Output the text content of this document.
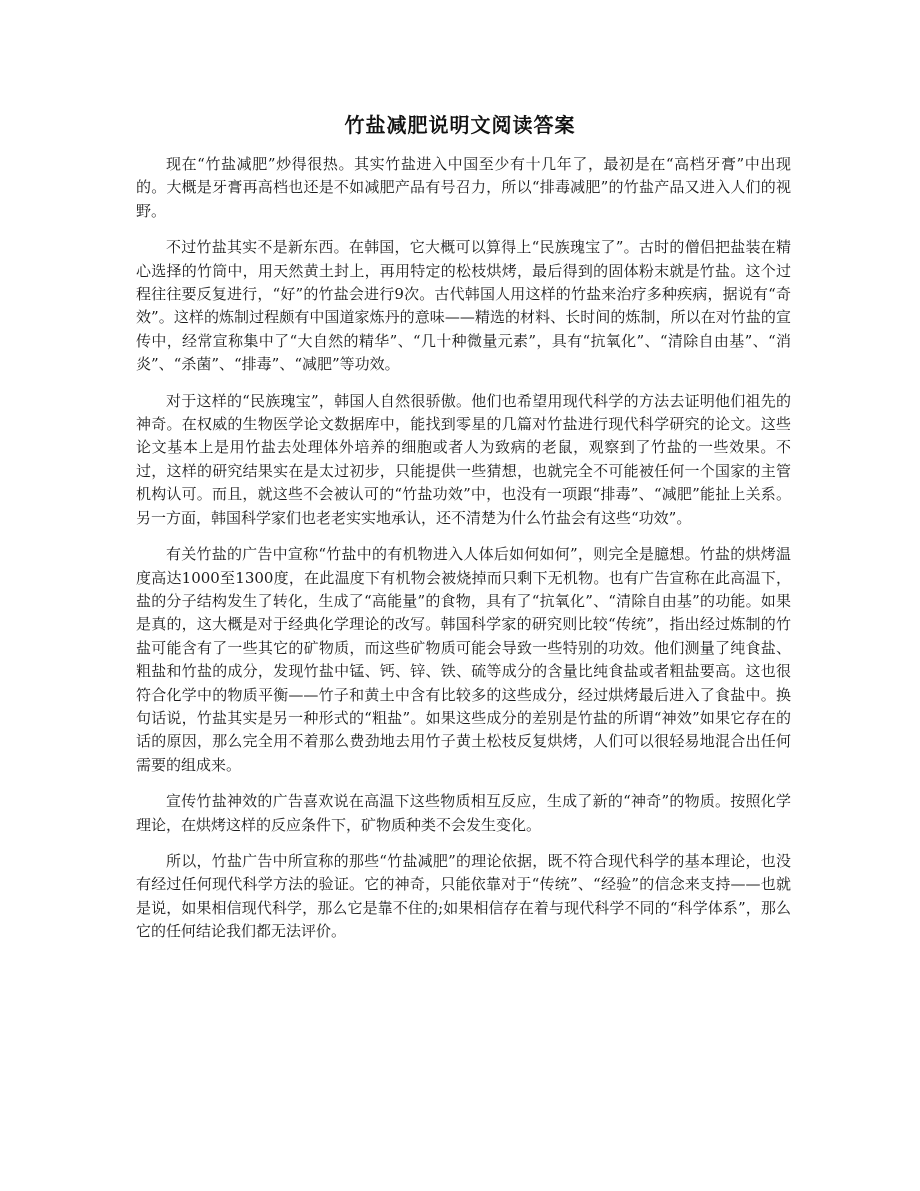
竹盐减肥说明文阅读答案

现在“竹盐减肥”炒得很热。其实竹盐进入中国至少有十几年了，最初是在“高档牙膏”中出现的。大概是牙膏再高档也还是不如减肥产品有号召力，所以“排毒减肥”的竹盐产品又进入人们的视野。

不过竹盐其实不是新东西。在韩国，它大概可以算得上“民族瑰宝了”。古时的僧侣把盐装在精心选择的竹筒中，用天然黄土封上，再用特定的松枝烘烤，最后得到的固体粉末就是竹盐。这个过程往往要反复进行，“好”的竹盐会进行9次。古代韩国人用这样的竹盐来治疗多种疾病，据说有“奇效”。这样的炼制过程颇有中国道家炼丹的意味——精选的材料、长时间的炼制，所以在对竹盐的宣传中，经常宣称集中了“大自然的精华”、“几十种微量元素”，具有“抗氧化”、“清除自由基”、“消炎”、“杀菌”、“排毒”、“减肥”等功效。

对于这样的“民族瑰宝”，韩国人自然很骄傲。他们也希望用现代科学的方法去证明他们祖先的神奇。在权威的生物医学论文数据库中，能找到零星的几篇对竹盐进行现代科学研究的论文。这些论文基本上是用竹盐去处理体外培养的细胞或者人为致病的老鼠，观察到了竹盐的一些效果。不过，这样的研究结果实在是太过初步，只能提供一些猜想，也就完全不可能被任何一个国家的主管机构认可。而且，就这些不会被认可的“竹盐功效”中，也没有一项跟“排毒”、“减肥”能扯上关系。另一方面，韩国科学家们也老老实实地承认，还不清楚为什么竹盐会有这些“功效”。

有关竹盐的广告中宣称“竹盐中的有机物进入人体后如何如何”，则完全是臆想。竹盐的烘烤温度高达1000至1300度，在此温度下有机物会被烧掉而只剩下无机物。也有广告宣称在此高温下，盐的分子结构发生了转化，生成了“高能量”的食物，具有了“抗氧化”、“清除自由基”的功能。如果是真的，这大概是对于经典化学理论的改写。韩国科学家的研究则比较“传统”，指出经过炼制的竹盐可能含有了一些其它的矿物质，而这些矿物质可能会导致一些特别的功效。他们测量了纯食盐、粗盐和竹盐的成分，发现竹盐中锰、钙、锌、铁、硫等成分的含量比纯食盐或者粗盐要高。这也很符合化学中的物质平衡——竹子和黄土中含有比较多的这些成分，经过烘烤最后进入了食盐中。换句话说，竹盐其实是另一种形式的“粗盐”。如果这些成分的差别是竹盐的所谓“神效”如果它存在的话的原因，那么完全用不着那么费劲地去用竹子黄土松枝反复烘烤，人们可以很轻易地混合出任何需要的组成来。

宣传竹盐神效的广告喜欢说在高温下这些物质相互反应，生成了新的“神奇”的物质。按照化学理论，在烘烤这样的反应条件下，矿物质种类不会发生变化。

所以，竹盐广告中所宣称的那些“竹盐减肥”的理论依据，既不符合现代科学的基本理论，也没有经过任何现代科学方法的验证。它的神奇，只能依靠对于“传统”、“经验”的信念来支持——也就是说，如果相信现代科学，那么它是靠不住的;如果相信存在着与现代科学不同的“科学体系”，那么它的任何结论我们都无法评价。
